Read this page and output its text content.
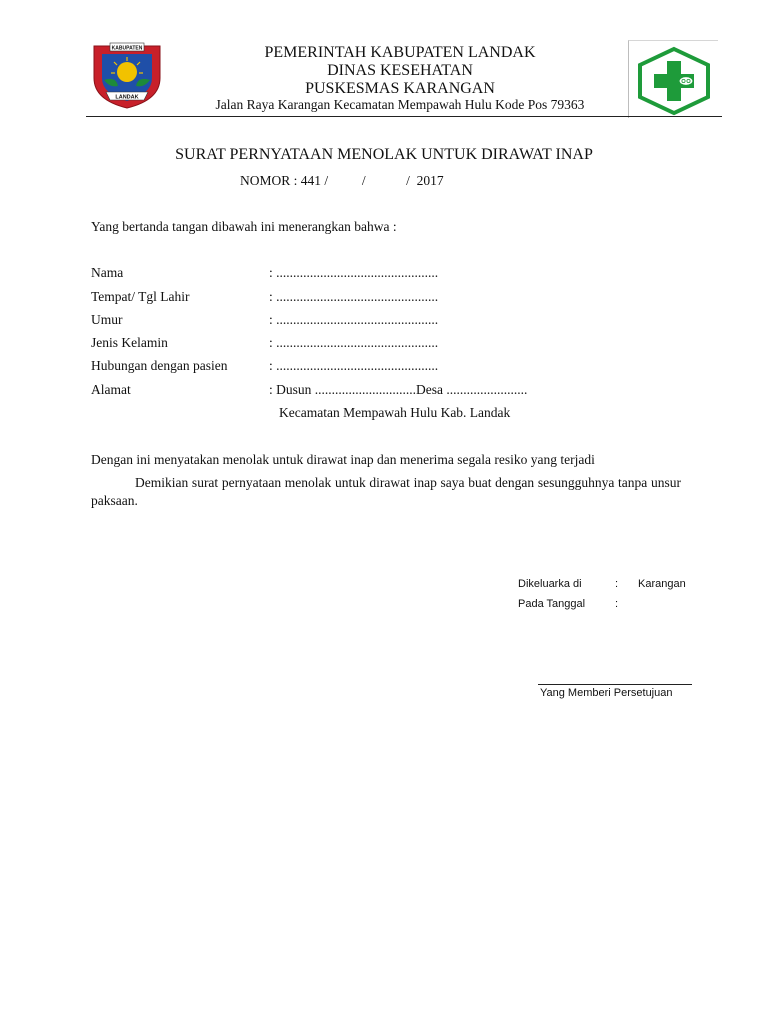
KABUPATEN
LANDAK
PEMERINTAH KABUPATEN LANDAK
DINAS KESEHATAN
PUSKESMAS KARANGAN
Jalan Raya Karangan Kecamatan Mempawah Hulu Kode Pos 79363
SURAT PERNYATAAN MENOLAK UNTUK DIRAWAT INAP
NOMOR : 441 /          /            /  2017
Yang bertanda tangan dibawah ini menerangkan bahwa :
Nama	: ................................................
Tempat/ Tgl Lahir	: ................................................
Umur	: ................................................
Jenis Kelamin	: ................................................
Hubungan dengan pasien	: ................................................
Alamat	: Dusun ..............................Desa ........................
Kecamatan Mempawah Hulu Kab. Landak
Dengan ini menyatakan menolak untuk dirawat inap dan menerima segala resiko yang terjadi
Demikian surat pernyataan menolak untuk dirawat inap saya buat dengan sesungguhnya tanpa unsur paksaan.
Dikeluarka di	: Karangan
Pada Tanggal	:
Yang Memberi Persetujuan
